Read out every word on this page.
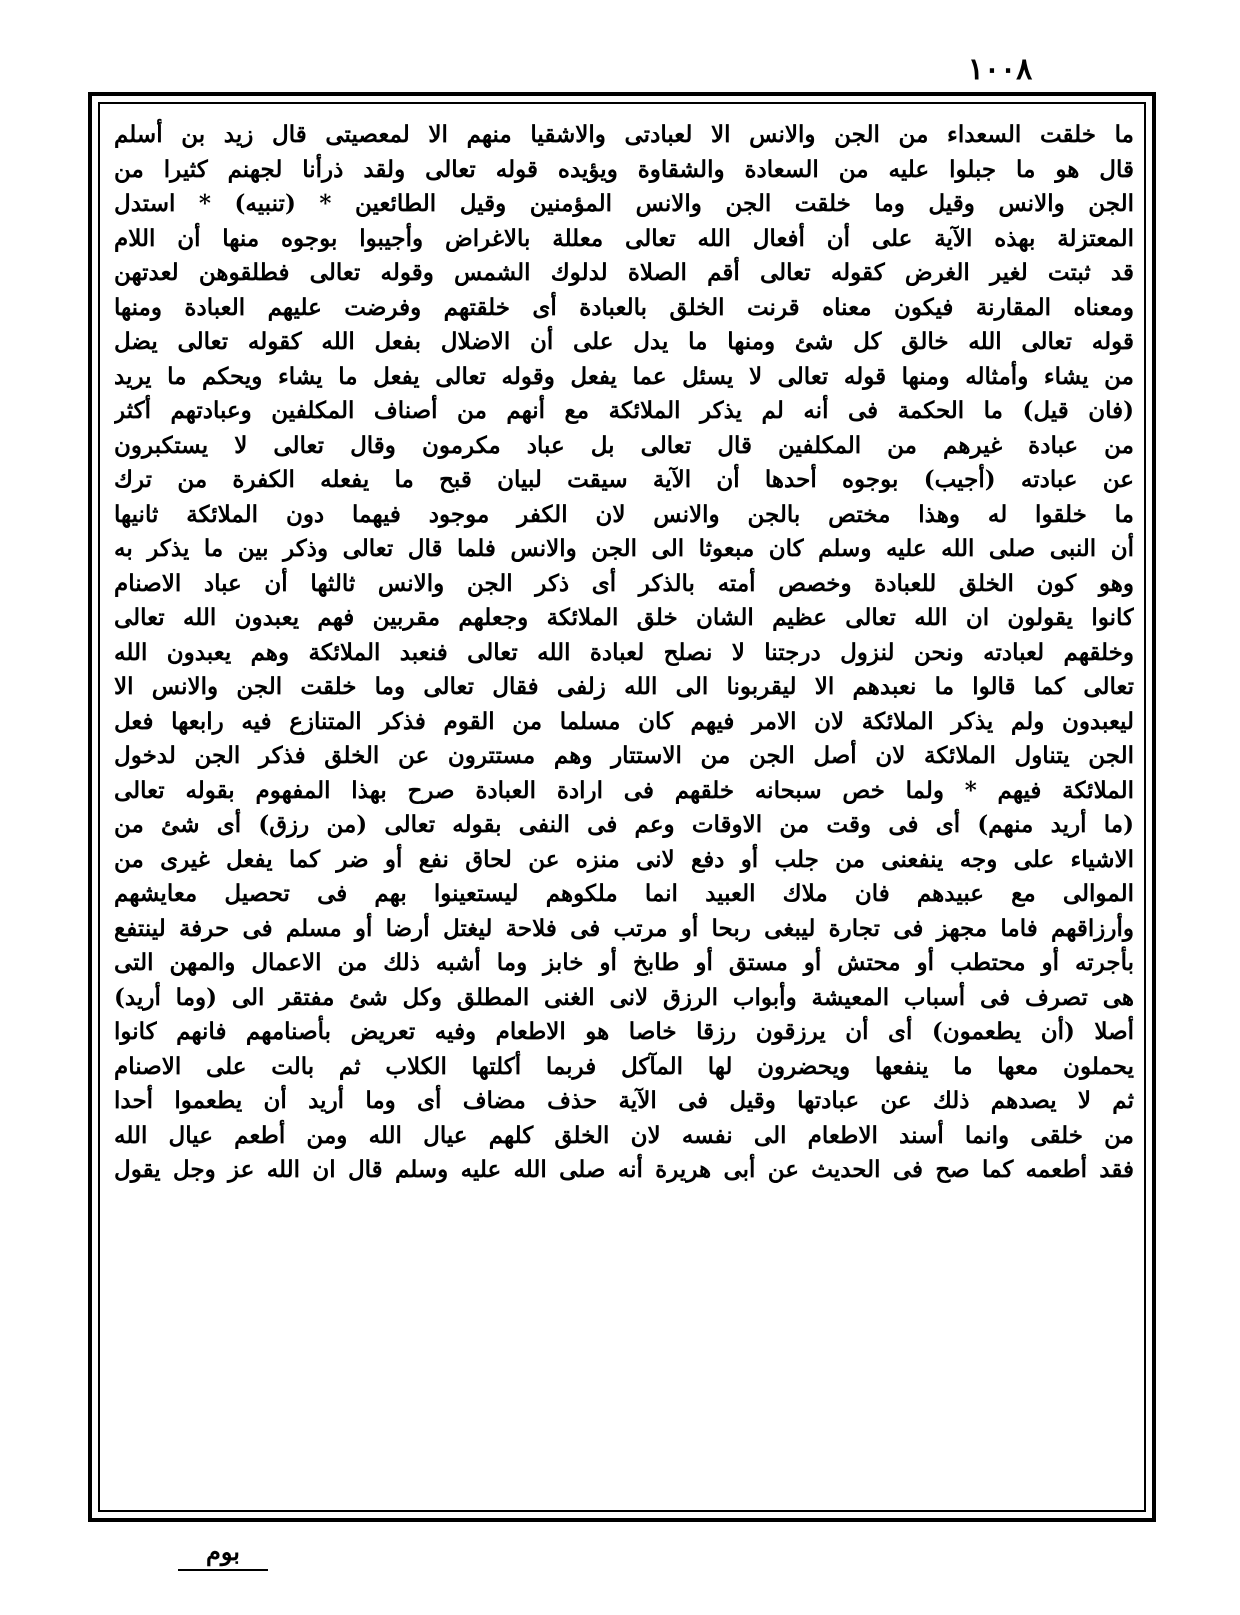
١٠٠٨
ما خلقت السعداء من الجن والانس الا لعبادتى والاشقيا منهم الا لمعصيتى قال زيد بن أسلم
قال هو ما جبلوا عليه من السعادة والشقاوة ويؤيده قوله تعالى ولقد ذرأنا لجهنم كثيرا من
الجن والانس وقيل وما خلقت الجن والانس المؤمنين وقيل الطائعين * (تنبيه) * استدل
المعتزلة بهذه الآية على أن أفعال الله تعالى معللة بالاغراض وأجيبوا بوجوه منها أن اللام
قد ثبتت لغير الغرض كقوله تعالى أقم الصلاة لدلوك الشمس وقوله تعالى فطلقوهن لعدتهن
ومعناه المقارنة فيكون معناه قرنت الخلق بالعبادة أى خلقتهم وفرضت عليهم العبادة ومنها
قوله تعالى الله خالق كل شئ ومنها ما يدل على أن الاضلال بفعل الله كقوله تعالى يضل
من يشاء وأمثاله ومنها قوله تعالى لا يسئل عما يفعل وقوله تعالى يفعل ما يشاء ويحكم ما يريد
(فان قيل) ما الحكمة فى أنه لم يذكر الملائكة مع أنهم من أصناف المكلفين وعبادتهم أكثر
من عبادة غيرهم من المكلفين قال تعالى بل عباد مكرمون وقال تعالى لا يستكبرون
عن عبادته (أجيب) بوجوه أحدها أن الآية سيقت لبيان قبح ما يفعله الكفرة من ترك
ما خلقوا له وهذا مختص بالجن والانس لان الكفر موجود فيهما دون الملائكة ثانيها
أن النبى صلى الله عليه وسلم كان مبعوثا الى الجن والانس فلما قال تعالى وذكر بين ما يذكر به
وهو كون الخلق للعبادة وخصص أمته بالذكر أى ذكر الجن والانس ثالثها أن عباد الاصنام
كانوا يقولون ان الله تعالى عظيم الشان خلق الملائكة وجعلهم مقربين فهم يعبدون الله تعالى
وخلقهم لعبادته ونحن لنزول درجتنا لا نصلح لعبادة الله تعالى فنعبد الملائكة وهم يعبدون الله
تعالى كما قالوا ما نعبدهم الا ليقربونا الى الله زلفى فقال تعالى وما خلقت الجن والانس الا
ليعبدون ولم يذكر الملائكة لان الامر فيهم كان مسلما من القوم فذكر المتنازع فيه رابعها فعل
الجن يتناول الملائكة لان أصل الجن من الاستتار وهم مستترون عن الخلق فذكر الجن لدخول
الملائكة فيهم * ولما خص سبحانه خلقهم فى ارادة العبادة صرح بهذا المفهوم بقوله تعالى
(ما أريد منهم) أى فى وقت من الاوقات وعم فى النفى بقوله تعالى (من رزق) أى شئ من
الاشياء على وجه ينفعنى من جلب أو دفع لانى منزه عن لحاق نفع أو ضر كما يفعل غيرى من
الموالى مع عبيدهم فان ملاك العبيد انما ملكوهم ليستعينوا بهم فى تحصيل معايشهم
وأرزاقهم فاما مجهز فى تجارة ليبغى ربحا أو مرتب فى فلاحة ليغتل أرضا أو مسلم فى حرفة لينتفع
بأجرته أو محتطب أو محتش أو مستق أو طابخ أو خابز وما أشبه ذلك من الاعمال والمهن التى
هى تصرف فى أسباب المعيشة وأبواب الرزق لانى الغنى المطلق وكل شئ مفتقر الى (وما أريد)
أصلا (أن يطعمون) أى أن يرزقون رزقا خاصا هو الاطعام وفيه تعريض بأصنامهم فانهم كانوا
يحملون معها ما ينفعها ويحضرون لها المآكل فربما أكلتها الكلاب ثم بالت على الاصنام
ثم لا يصدهم ذلك عن عبادتها وقيل فى الآية حذف مضاف أى وما أريد أن يطعموا أحدا
من خلقى وانما أسند الاطعام الى نفسه لان الخلق كلهم عيال الله ومن أطعم عيال الله
فقد أطعمه كما صح فى الحديث عن أبى هريرة أنه صلى الله عليه وسلم قال ان الله عز وجل يقول
بوم
